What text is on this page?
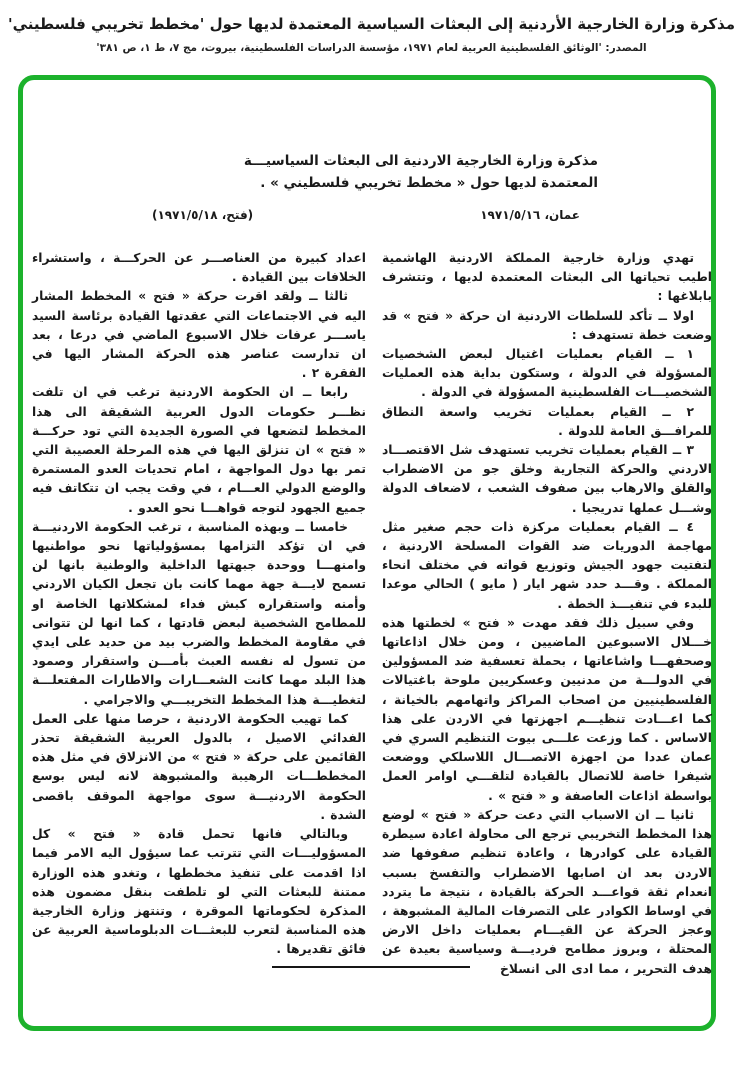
مذكرة وزارة الخارجية الأردنية إلى البعثات السياسية المعتمدة لديها حول 'مخطط تخريبي فلسطيني'
المصدر: 'الوثائق الفلسطينية العربية لعام ١٩٧١، مؤسسة الدراسات الفلسطينية، بيروت، مج ٧، ط ١، ص ٣٨١'
مذكرة وزارة الخارجية الاردنية الى البعثات السياسيـــة
المعتمدة لديها حول « مخطط تخريبي فلسطيني » .
عمان، ١٩٧١/٥/١٦
(فتح، ١٩٧١/٥/١٨)

تهدي وزارة خارجية المملكة الاردنية الهاشمية اطيب تحياتها الى البعثات المعتمدة لديها ، وتتشرف بابلاغها :

اولا ــ تأكد للسلطات الاردنية ان حركة « فتح » قد وضعت خطة تستهدف :

١ ــ القيام بعمليات اغتيال لبعض الشخصيات المسؤولة في الدولة ، وستكون بداية هذه العمليات الشخصيـــات الفلسطينية المسؤولة في الدولة .

٢ ــ القيام بعمليات تخريب واسعة النطاق للمرافـــق العامة للدولة .

٣ ــ القيام بعمليات تخريب تستهدف شل الاقتصـــاد الاردني والحركة التجارية وخلق جو من الاضطراب والقلق والارهاب بين صفوف الشعب ، لاضعاف الدولة وشـــل عملها تدريجيا .

٤ ــ القيام بعمليات مركزة ذات حجم صغير مثل مهاجمة الدوريات ضد القوات المسلحة الاردنية ، لتفتيت جهود الجيش وتوزيع قواته في مختلف انحاء المملكة . وقـــد حدد شهر ايار ( مايو ) الحالي موعدا للبدء في تنفيـــذ الخطة .

وفي سبيل ذلك فقد مهدت « فتح » لخطتها هذه خـــلال الاسبوعين الماضيين ، ومن خلال اذاعاتها وصحفهـــا واشاعاتها ، بحملة تعسفية ضد المسؤولين في الدولـــة من مدنيين وعسكريين ملوحة باغتيالات الفلسطينيين من اصحاب المراكز واتهامهم بالخيانة ، كما اعـــادت تنظيـــم اجهزتها في الاردن على هذا الاساس . كما وزعت علـــى بيوت التنظيم السري في عمان عددا من اجهزة الاتصـــال اللاسلكي ووضعت شيفرا خاصة للاتصال بالقيادة لتلقـــي اوامر العمل بواسطة اذاعات العاصفة و « فتح » .

ثانيا ــ ان الاسباب التي دعت حركة « فتح » لوضع هذا المخطط التخريبي ترجع الى محاولة اعادة سيطرة القيادة على كوادرها ، واعادة تنظيم صفوفها ضد الاردن بعد ان اصابها الاضطراب والتفسخ بسبب انعدام ثقة قواعـــد الحركة بالقيادة ، نتيجة ما يتردد في اوساط الكوادر على التصرفات المالية المشبوهة ، وعجز الحركة عن القيـــام بعمليات داخل الارض المحتلة ، وبروز مطامح فرديـــة وسياسية بعيدة عن هدف التحرير ، مما ادى الى انسلاخ

اعداد كبيرة من العناصـــر عن الحركـــة ، واستشراء الخلافات بين القيادة .

ثالثا ــ ولقد اقرت حركة « فتح » المخطط المشار اليه في الاجتماعات التي عقدتها القيادة برئاسة السيد ياســـر عرفات خلال الاسبوع الماضي في درعا ، بعد ان تدارست عناصر هذه الحركة المشار اليها في الفقرة ٢ .

رابعا ــ ان الحكومة الاردنية ترغب في ان تلفت نظـــر حكومات الدول العربية الشقيقة الى هذا المخطط لتضعها في الصورة الجديدة التي تود حركـــة « فتح » ان تنزلق اليها في هذه المرحلة العصيبة التي تمر بها دول المواجهة ، امام تحديات العدو المستمرة والوضع الدولي العـــام ، في وقت يجب ان تتكاتف فيه جميع الجهود لتوجه قواهـــا نحو العدو .

خامسا ــ وبهذه المناسبة ، ترغب الحكومة الاردنيـــة في ان تؤكد التزامها بمسؤولياتها نحو مواطنيها وامنهـــا ووحدة جبهتها الداخلية والوطنية بانها لن تسمح لايـــة جهة مهما كانت بان تجعل الكيان الاردني وأمنه واستقراره كبش فداء لمشكلاتها الخاصة او للمطامح الشخصية لبعض قادتها ، كما انها لن تتوانى في مقاومة المخطط والضرب بيد من حديد على ايدي من تسول له نفسه العبث بأمـــن واستقرار وصمود هذا البلد مهما كانت الشعـــارات والاطارات المفتعلـــة لتغطيـــة هذا المخطط التخريبـــي والاجرامي .

كما تهيب الحكومة الاردنية ، حرصا منها على العمل الفدائي الاصيل ، بالدول العربية الشقيقة تحذر القائمين على حركة « فتح » من الانزلاق في مثل هذه المخططـــات الرهيبة والمشبوهة لانه ليس بوسع الحكومة الاردنيـــة سوى مواجهة الموقف باقصى الشدة .

وبالتالي فانها تحمل قادة « فتح » كل المسؤوليـــات التي تترتب عما سيؤول اليه الامر فيما اذا اقدمت على تنفيذ مخططها ، وتغدو هذه الوزارة ممتنة للبعثات التي لو تلطفت بنقل مضمون هذه المذكرة لحكوماتها الموقرة ، وتنتهز وزارة الخارجية هذه المناسبة لتعرب للبعثـــات الدبلوماسية العربية عن فائق تقديرها .
